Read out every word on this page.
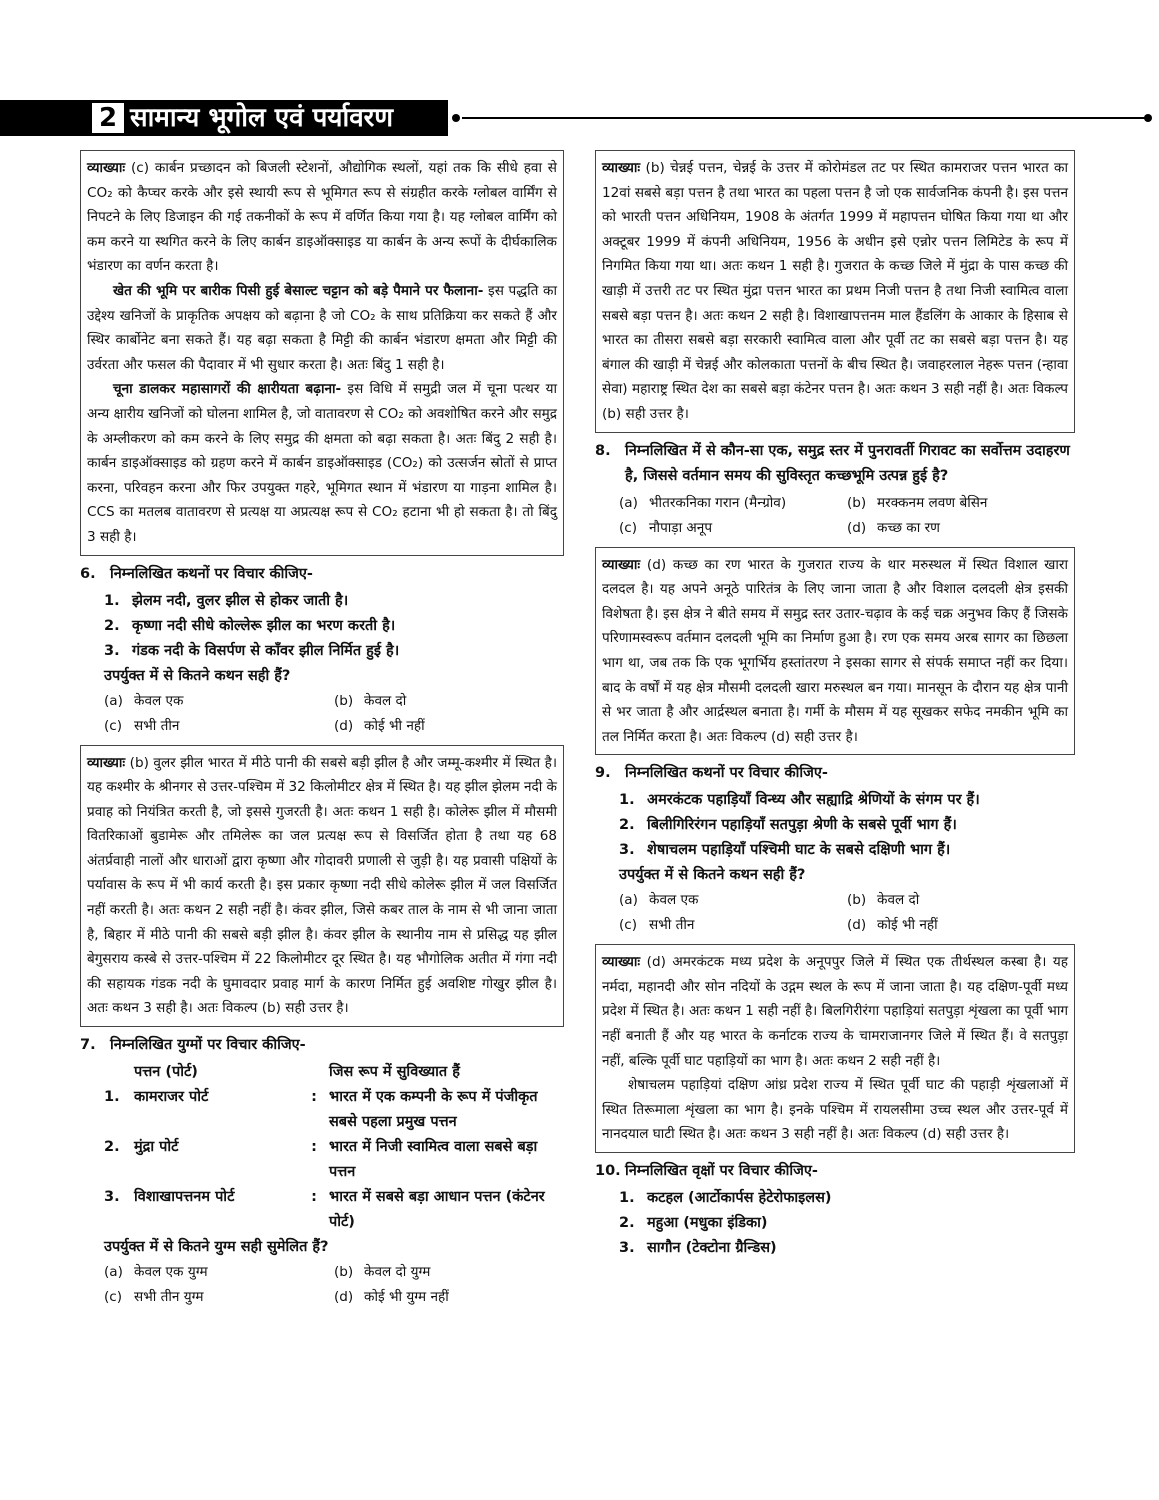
2 सामान्य भूगोल एवं पर्यावरण

व्याख्याः (c) कार्बन प्रच्छादन को बिजली स्टेशनों, औद्योगिक स्थलों, यहां तक कि सीधे हवा से CO₂ को कैप्चर करके और इसे स्थायी रूप से भूमिगत रूप से संग्रहीत करके ग्लोबल वार्मिंग से निपटने के लिए डिजाइन की गई तकनीकों के रूप में वर्णित किया गया है। यह ग्लोबल वार्मिंग को कम करने या स्थगित करने के लिए कार्बन डाइऑक्साइड या कार्बन के अन्य रूपों के दीर्घकालिक भंडारण का वर्णन करता है।

खेत की भूमि पर बारीक पिसी हुई बेसाल्ट चट्टान को बड़े पैमाने पर फैलाना- इस पद्धति का उद्देश्य खनिजों के प्राकृतिक अपक्षय को बढ़ाना है जो CO₂ के साथ प्रतिक्रिया कर सकते हैं और स्थिर कार्बोनेट बना सकते हैं। यह बढ़ा सकता है मिट्टी की कार्बन भंडारण क्षमता और मिट्टी की उर्वरता और फसल की पैदावार में भी सुधार करता है। अतः बिंदु 1 सही है।

चूना डालकर महासागरों की क्षारीयता बढ़ाना- इस विधि में समुद्री जल में चूना पत्थर या अन्य क्षारीय खनिजों को घोलना शामिल है, जो वातावरण से CO₂ को अवशोषित करने और समुद्र के अम्लीकरण को कम करने के लिए समुद्र की क्षमता को बढ़ा सकता है। अतः बिंदु 2 सही है। कार्बन डाइऑक्साइड को ग्रहण करने में कार्बन डाइऑक्साइड (CO₂) को उत्सर्जन स्रोतों से प्राप्त करना, परिवहन करना और फिर उपयुक्त गहरे, भूमिगत स्थान में भंडारण या गाड़ना शामिल है। CCS का मतलब वातावरण से प्रत्यक्ष या अप्रत्यक्ष रूप से CO₂ हटाना भी हो सकता है। तो बिंदु 3 सही है।

6. निम्नलिखित कथनों पर विचार कीजिए-
1. झेलम नदी, वुलर झील से होकर जाती है।
2. कृष्णा नदी सीधे कोल्लेरू झील का भरण करती है।
3. गंडक नदी के विसर्पण से काँवर झील निर्मित हुई है।
उपर्युक्त में से कितने कथन सही हैं?
(a) केवल एक	(b) केवल दो
(c) सभी तीन	(d) कोई भी नहीं

व्याख्याः (b) वुलर झील भारत में मीठे पानी की सबसे बड़ी झील है और जम्मू-कश्मीर में स्थित है। यह कश्मीर के श्रीनगर से उत्तर-पश्चिम में 32 किलोमीटर क्षेत्र में स्थित है। यह झील झेलम नदी के प्रवाह को नियंत्रित करती है, जो इससे गुजरती है। अतः कथन 1 सही है। कोलेरू झील में मौसमी वितरिकाओं बुडामेरू और तमिलेरू का जल प्रत्यक्ष रूप से विसर्जित होता है तथा यह 68 अंतर्प्रवाही नालों और धाराओं द्वारा कृष्णा और गोदावरी प्रणाली से जुड़ी है। यह प्रवासी पक्षियों के पर्यावास के रूप में भी कार्य करती है। इस प्रकार कृष्णा नदी सीधे कोलेरू झील में जल विसर्जित नहीं करती है। अतः कथन 2 सही नहीं है। कंवर झील, जिसे कबर ताल के नाम से भी जाना जाता है, बिहार में मीठे पानी की सबसे बड़ी झील है। कंवर झील के स्थानीय नाम से प्रसिद्ध यह झील बेगुसराय कस्बे से उत्तर-पश्चिम में 22 किलोमीटर दूर स्थित है। यह भौगोलिक अतीत में गंगा नदी की सहायक गंडक नदी के घुमावदार प्रवाह मार्ग के कारण निर्मित हुई अवशिष्ट गोखुर झील है। अतः कथन 3 सही है। अतः विकल्प (b) सही उत्तर है।

7. निम्नलिखित युग्मों पर विचार कीजिए-
पत्तन (पोर्ट)	जिस रूप में सुविख्यात हैं
1. कामराजर पोर्ट	: भारत में एक कम्पनी के रूप में पंजीकृत सबसे पहला प्रमुख पत्तन
2. मुंद्रा पोर्ट	: भारत में निजी स्वामित्व वाला सबसे बड़ा पत्तन
3. विशाखापत्तनम पोर्ट	: भारत में सबसे बड़ा आधान पत्तन (कंटेनर पोर्ट)
उपर्युक्त में से कितने युग्म सही सुमेलित हैं?
(a) केवल एक युग्म	(b) केवल दो युग्म
(c) सभी तीन युग्म	(d) कोई भी युग्म नहीं

व्याख्याः (b) चेन्नई पत्तन, चेन्नई के उत्तर में कोरोमंडल तट पर स्थित कामराजर पत्तन भारत का 12वां सबसे बड़ा पत्तन है तथा भारत का पहला पत्तन है जो एक सार्वजनिक कंपनी है। इस पत्तन को भारती पत्तन अधिनियम, 1908 के अंतर्गत 1999 में महापत्तन घोषित किया गया था और अक्टूबर 1999 में कंपनी अधिनियम, 1956 के अधीन इसे एन्नोर पत्तन लिमिटेड के रूप में निगमित किया गया था। अतः कथन 1 सही है। गुजरात के कच्छ जिले में मुंद्रा के पास कच्छ की खाड़ी में उत्तरी तट पर स्थित मुंद्रा पत्तन भारत का प्रथम निजी पत्तन है तथा निजी स्वामित्व वाला सबसे बड़ा पत्तन है। अतः कथन 2 सही है। विशाखापत्तनम माल हैंडलिंग के आकार के हिसाब से भारत का तीसरा सबसे बड़ा सरकारी स्वामित्व वाला और पूर्वी तट का सबसे बड़ा पत्तन है। यह बंगाल की खाड़ी में चेन्नई और कोलकाता पत्तनों के बीच स्थित है। जवाहरलाल नेहरू पत्तन (न्हावा सेवा) महाराष्ट्र स्थित देश का सबसे बड़ा कंटेनर पत्तन है। अतः कथन 3 सही नहीं है। अतः विकल्प (b) सही उत्तर है।

8. निम्नलिखित में से कौन-सा एक, समुद्र स्तर में पुनरावर्ती गिरावट का सर्वोत्तम उदाहरण है, जिससे वर्तमान समय की सुविस्तृत कच्छभूमि उत्पन्न हुई है?
(a) भीतरकनिका गरान (मैन्ग्रोव)	(b) मरक्कनम लवण बेसिन
(c) नौपाड़ा अनूप	(d) कच्छ का रण

व्याख्याः (d) कच्छ का रण भारत के गुजरात राज्य के थार मरुस्थल में स्थित विशाल खारा दलदल है। यह अपने अनूठे पारितंत्र के लिए जाना जाता है और विशाल दलदली क्षेत्र इसकी विशेषता है। इस क्षेत्र ने बीते समय में समुद्र स्तर उतार-चढ़ाव के कई चक्र अनुभव किए हैं जिसके परिणामस्वरूप वर्तमान दलदली भूमि का निर्माण हुआ है। रण एक समय अरब सागर का छिछला भाग था, जब तक कि एक भूगर्भिय हस्तांतरण ने इसका सागर से संपर्क समाप्त नहीं कर दिया। बाद के वर्षों में यह क्षेत्र मौसमी दलदली खारा मरुस्थल बन गया। मानसून के दौरान यह क्षेत्र पानी से भर जाता है और आर्द्रस्थल बनाता है। गर्मी के मौसम में यह सूखकर सफेद नमकीन भूमि का तल निर्मित करता है। अतः विकल्प (d) सही उत्तर है।

9. निम्नलिखित कथनों पर विचार कीजिए-
1. अमरकंटक पहाड़ियाँ विन्ध्य और सह्याद्रि श्रेणियों के संगम पर हैं।
2. बिलीगिरिरंगन पहाड़ियाँ सतपुड़ा श्रेणी के सबसे पूर्वी भाग हैं।
3. शेषाचलम पहाड़ियाँ पश्चिमी घाट के सबसे दक्षिणी भाग हैं।
उपर्युक्त में से कितने कथन सही हैं?
(a) केवल एक	(b) केवल दो
(c) सभी तीन	(d) कोई भी नहीं

व्याख्याः (d) अमरकंटक मध्य प्रदेश के अनूपपुर जिले में स्थित एक तीर्थस्थल कस्बा है। यह नर्मदा, महानदी और सोन नदियों के उद्गम स्थल के रूप में जाना जाता है। यह दक्षिण-पूर्वी मध्य प्रदेश में स्थित है। अतः कथन 1 सही नहीं है। बिलगिरीरंगा पहाड़ियां सतपुड़ा शृंखला का पूर्वी भाग नहीं बनाती हैं और यह भारत के कर्नाटक राज्य के चामराजानगर जिले में स्थित हैं। वे सतपुड़ा नहीं, बल्कि पूर्वी घाट पहाड़ियों का भाग है। अतः कथन 2 सही नहीं है।

शेषाचलम पहाड़ियां दक्षिण आंध्र प्रदेश राज्य में स्थित पूर्वी घाट की पहाड़ी शृंखलाओं में स्थित तिरूमाला शृंखला का भाग है। इनके पश्चिम में रायलसीमा उच्च स्थल और उत्तर-पूर्व में नानदयाल घाटी स्थित है। अतः कथन 3 सही नहीं है। अतः विकल्प (d) सही उत्तर है।

10. निम्नलिखित वृक्षों पर विचार कीजिए-
1. कटहल (आर्टोकार्पस हेटेरोफाइलस)
2. महुआ (मधुका इंडिका)
3. सागौन (टेक्टोना ग्रैन्डिस)
